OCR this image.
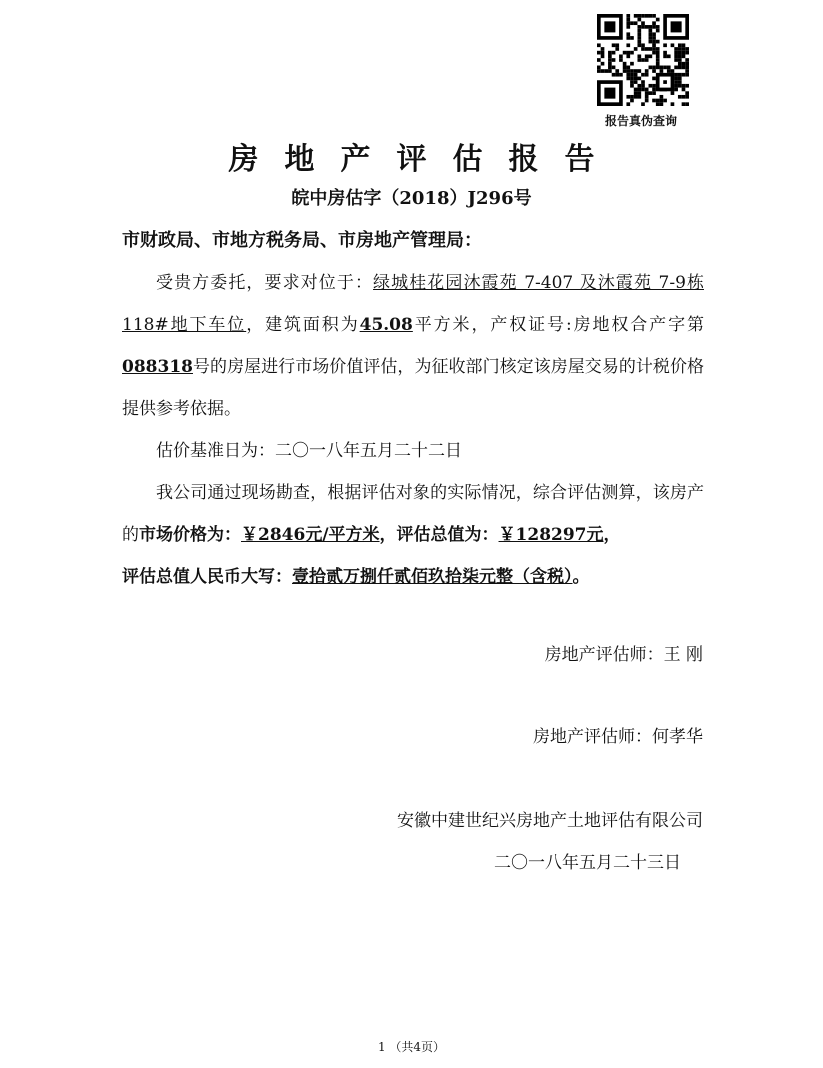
报告真伪查询
房地产评估报告
皖中房估字（2018）J296号
市财政局、市地方税务局、市房地产管理局：

受贵方委托，要求对位于：绿城桂花园沐霞苑 7-407 及沐霞苑 7-9栋 118#地下车位，建筑面积为45.08平方米，产权证号:房地权合产字第088318号的房屋进行市场价值评估，为征收部门核定该房屋交易的计税价格提供参考依据。

估价基准日为：二〇一八年五月二十二日

我公司通过现场勘查，根据评估对象的实际情况，综合评估测算，该房产的市场价格为：￥2846元/平方米，评估总值为：￥128297元，

评估总值人民币大写：壹拾贰万捌仟贰佰玖拾柒元整（含税）。

房地产评估师：王 刚
房地产评估师：何孝华
安徽中建世纪兴房地产土地评估有限公司
二〇一八年五月二十三日
1 （共4页）
